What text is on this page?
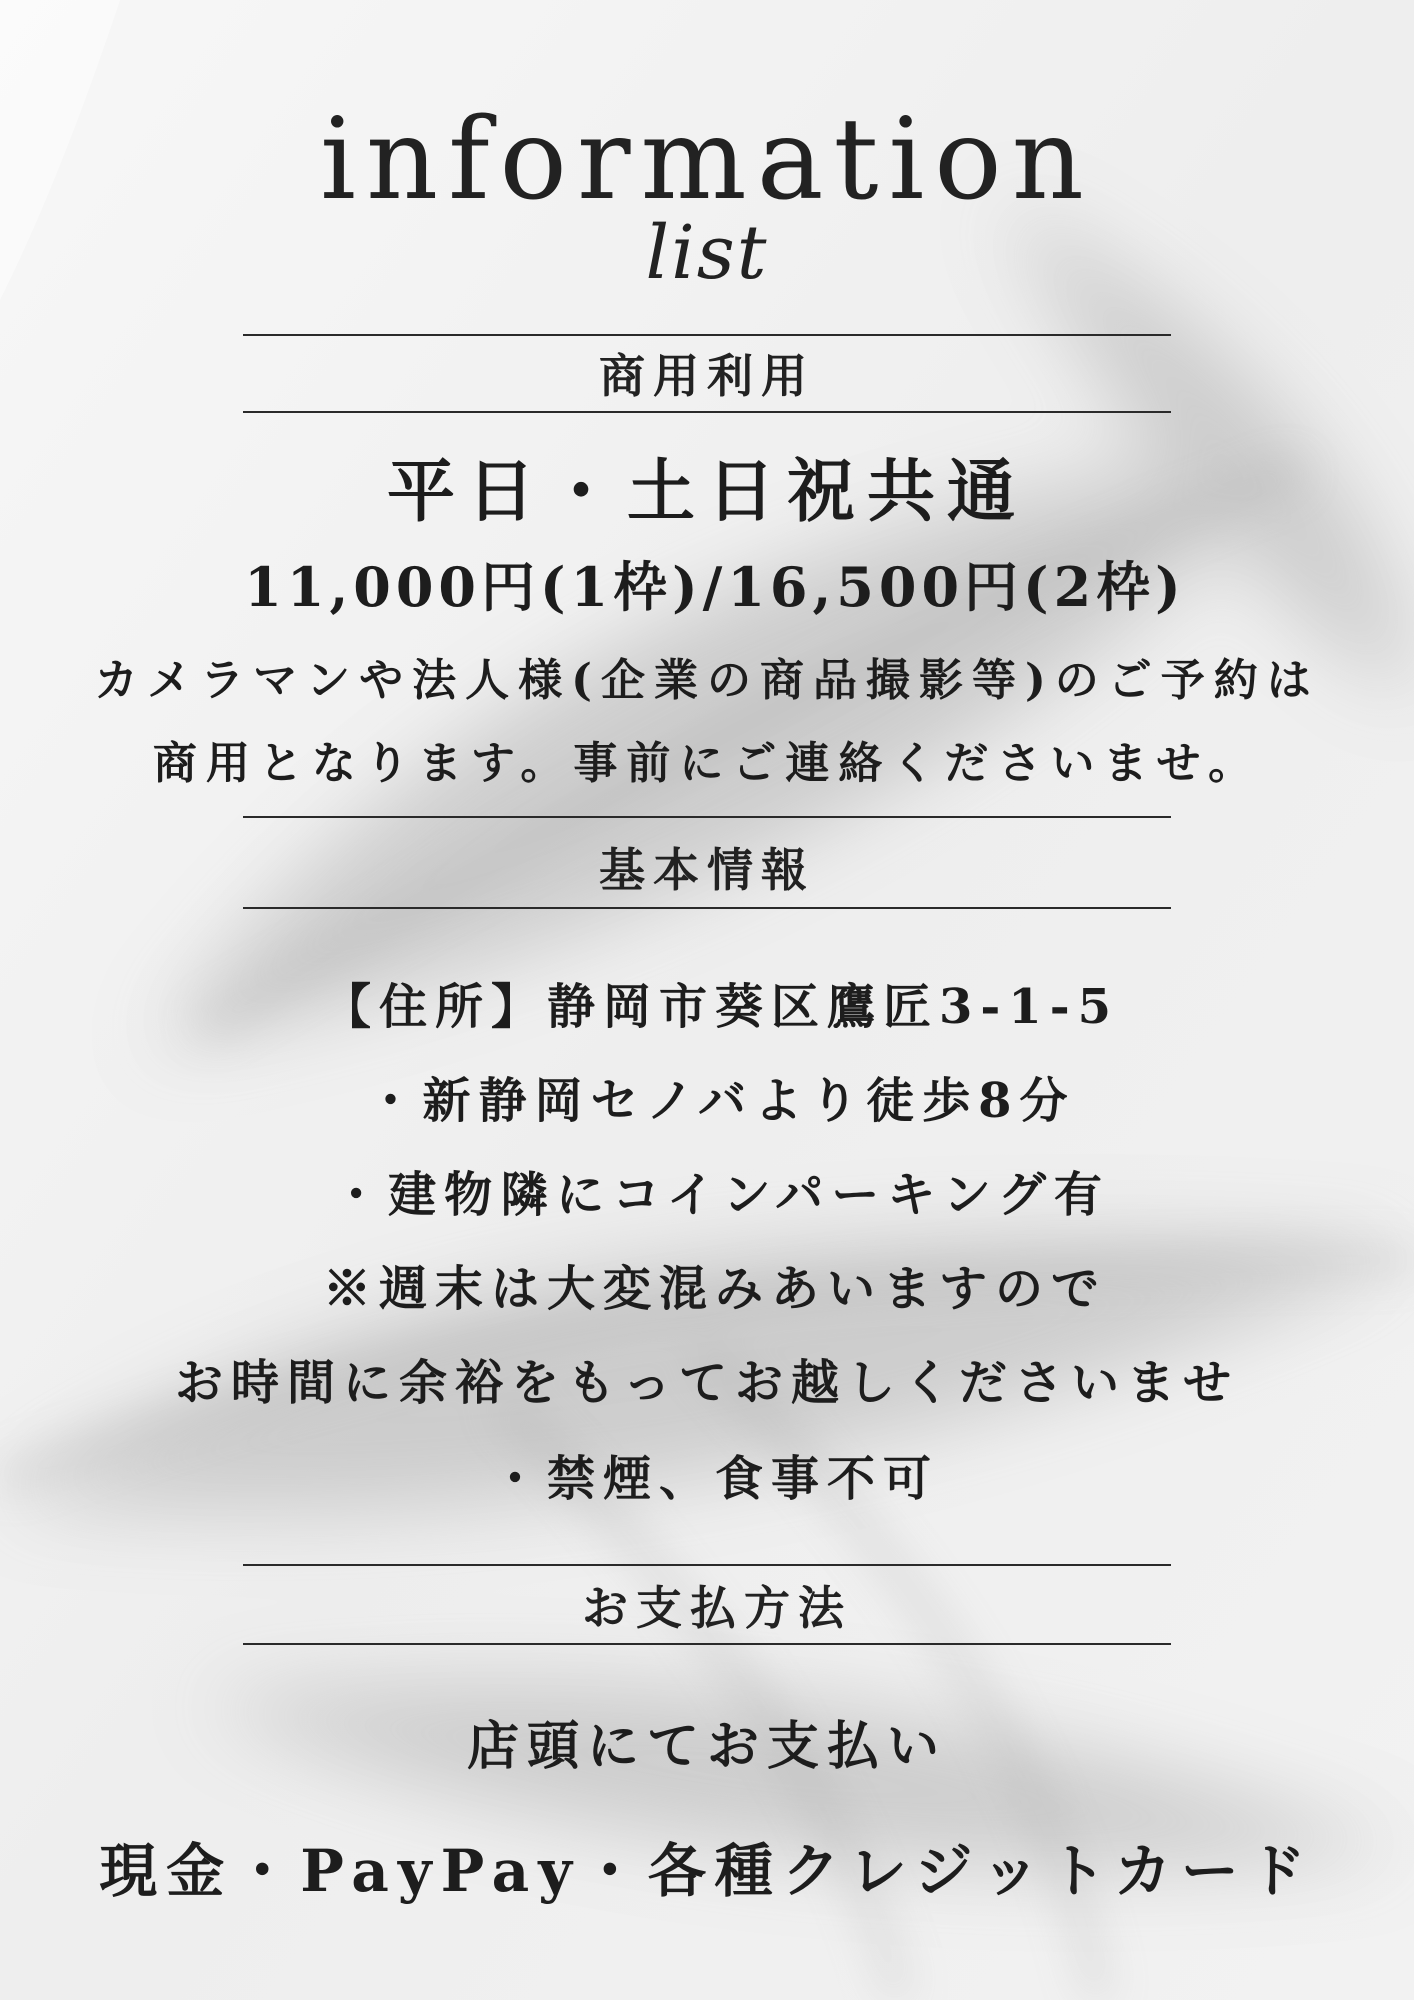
information
list
商用利用
平日・土日祝共通
11,000円(1枠)/16,500円(2枠)
カメラマンや法人様(企業の商品撮影等)のご予約は
商用となります。事前にご連絡くださいませ。
基本情報
【住所】静岡市葵区鷹匠3-1-5
・新静岡セノバより徒歩8分
・建物隣にコインパーキング有
※週末は大変混みあいますので
お時間に余裕をもってお越しくださいませ
・禁煙、食事不可
お支払方法
店頭にてお支払い
現金・PayPay・各種クレジットカード
